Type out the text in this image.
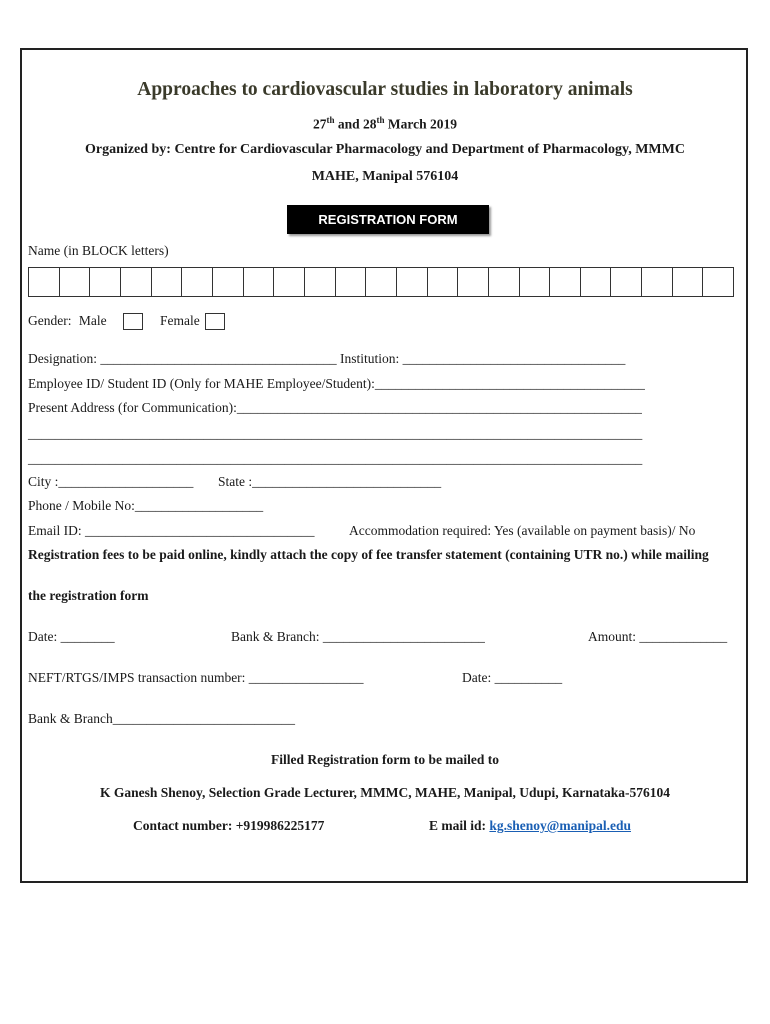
Approaches to cardiovascular studies in laboratory animals
27th and 28th March 2019
Organized by: Centre for Cardiovascular Pharmacology and Department of Pharmacology, MMMC
MAHE, Manipal 576104
REGISTRATION FORM
Name (in BLOCK letters)
Gender: Male	Female
Designation: ___________________________________ Institution: _________________________________
Employee ID/ Student ID (Only for MAHE Employee/Student):________________________________________
Present Address (for Communication):____________________________________________________________
___________________________________________________________________________________________
___________________________________________________________________________________________
City :____________________ State :____________________________
Phone / Mobile No:___________________
Email ID: __________________________________	Accommodation required: Yes (available on payment basis)/ No
Registration fees to be paid online, kindly attach the copy of fee transfer statement (containing UTR no.) while mailing
the registration form
Date: ________	Bank & Branch: ________________________	Amount: _____________
NEFT/RTGS/IMPS transaction number: _________________	Date: __________
Bank & Branch___________________________
Filled Registration form to be mailed to
K Ganesh Shenoy, Selection Grade Lecturer, MMMC, MAHE, Manipal, Udupi, Karnataka-576104
Contact number: +919986225177	E mail id: kg.shenoy@manipal.edu
